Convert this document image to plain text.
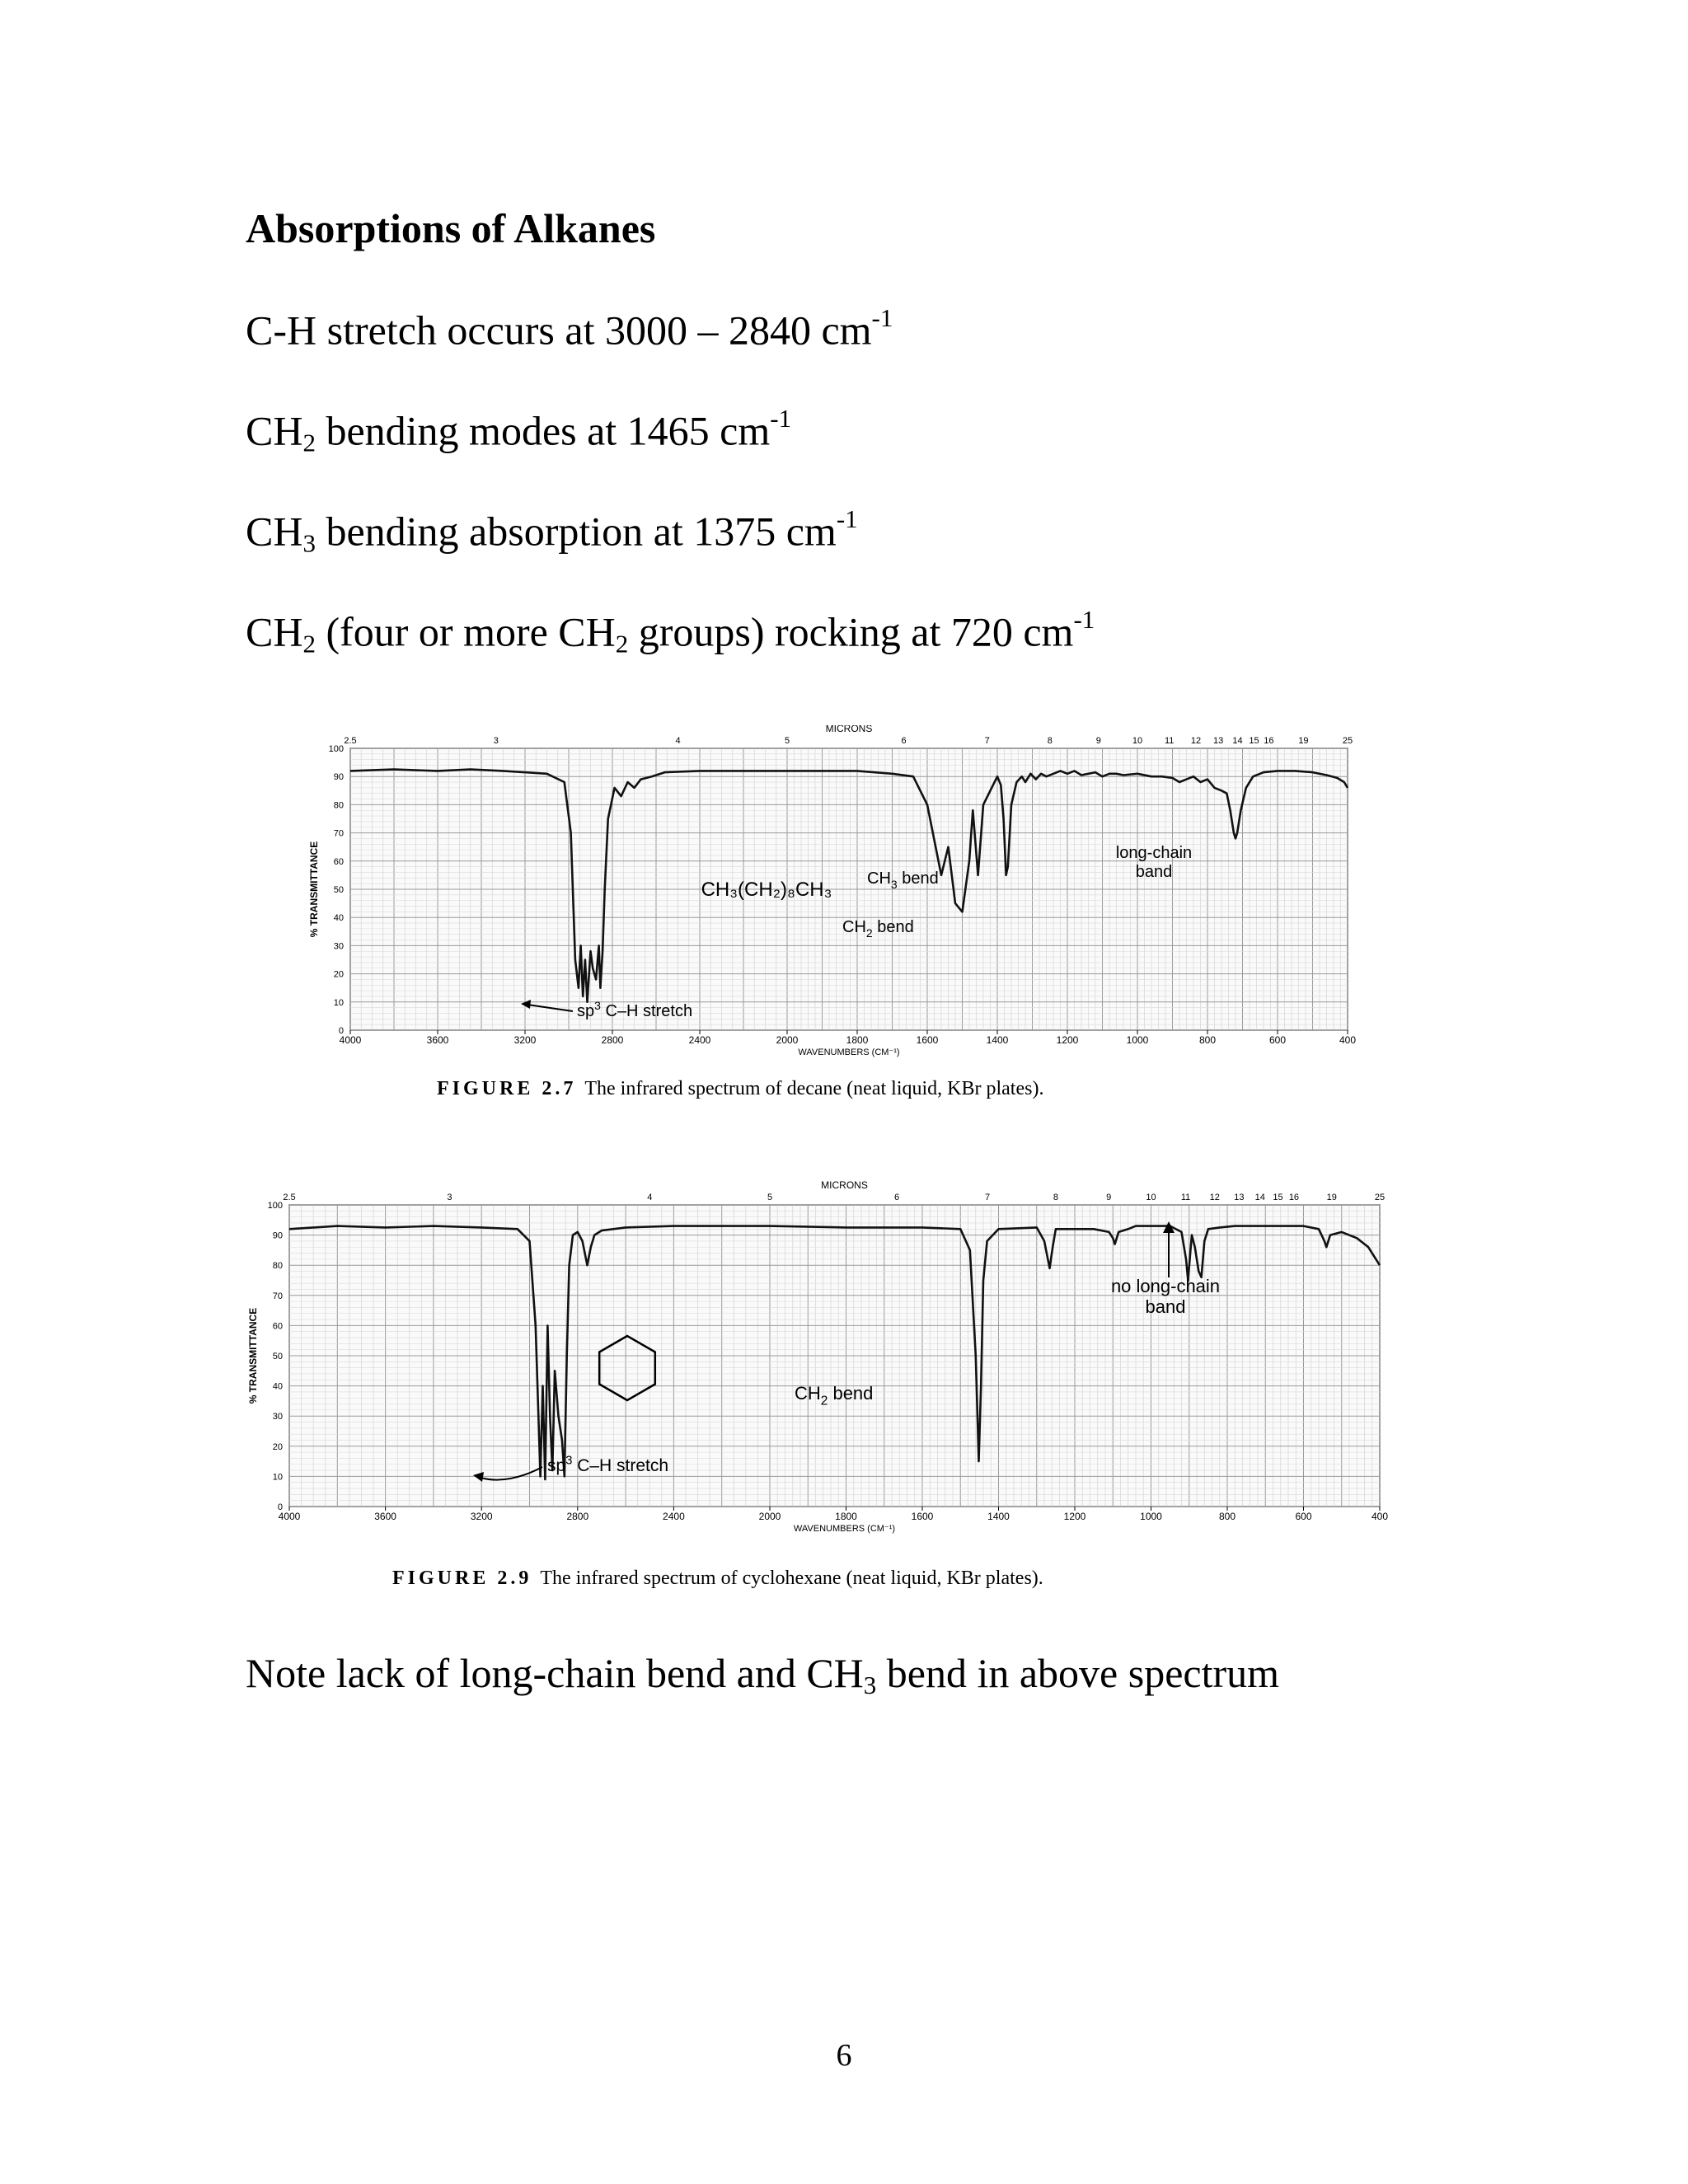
Absorptions of Alkanes
C-H stretch occurs at 3000 – 2840 $cm^{-1}$
CH2 bending modes at 1465 $cm^{-1}$
CH3 bending absorption at 1375 $cm^{-1}$
CH2 (four or more CH2 groups) rocking at 720 $cm^{-1}$
0
10
20
30
40
50
60
70
80
90
100
4000	3600	3200	2800	2400	2000	1800	1600	1400	1200	1000	800	600	400
2.5	3	4	5	6	7	8	9	10 11 12 13 14 15 16	19	25
MICRONS
WAVENUMBERS (CM⁻¹)
% TRANSMITTANCE	CH₃(CH₂)₈CH₃ $CH_3$ bend
$CH_2$ bend
long-chain
band
$sp^3$ C–H stretch
FIGURE 2.7 The infrared spectrum of decane (neat liquid, KBr plates).
0
10
20
30
40
50
60
70
80
90
100
4000	3600	3200	2800	2400	2000	1800	1600	1400	1200	1000	800	600	400
2.5	3	4	5	6	7	8	9	10	11 12 13 14 15 16	19	25
MICRONS
WAVENUMBERS (CM⁻¹)
% TRANSMITTANCE
no long-chain
band
$CH_2$ bend
$sp^3$ C–H stretch
FIGURE 2.9 The infrared spectrum of cyclohexane (neat liquid, KBr plates).
Note lack of long-chain bend and CH3 bend in above spectrum
6
